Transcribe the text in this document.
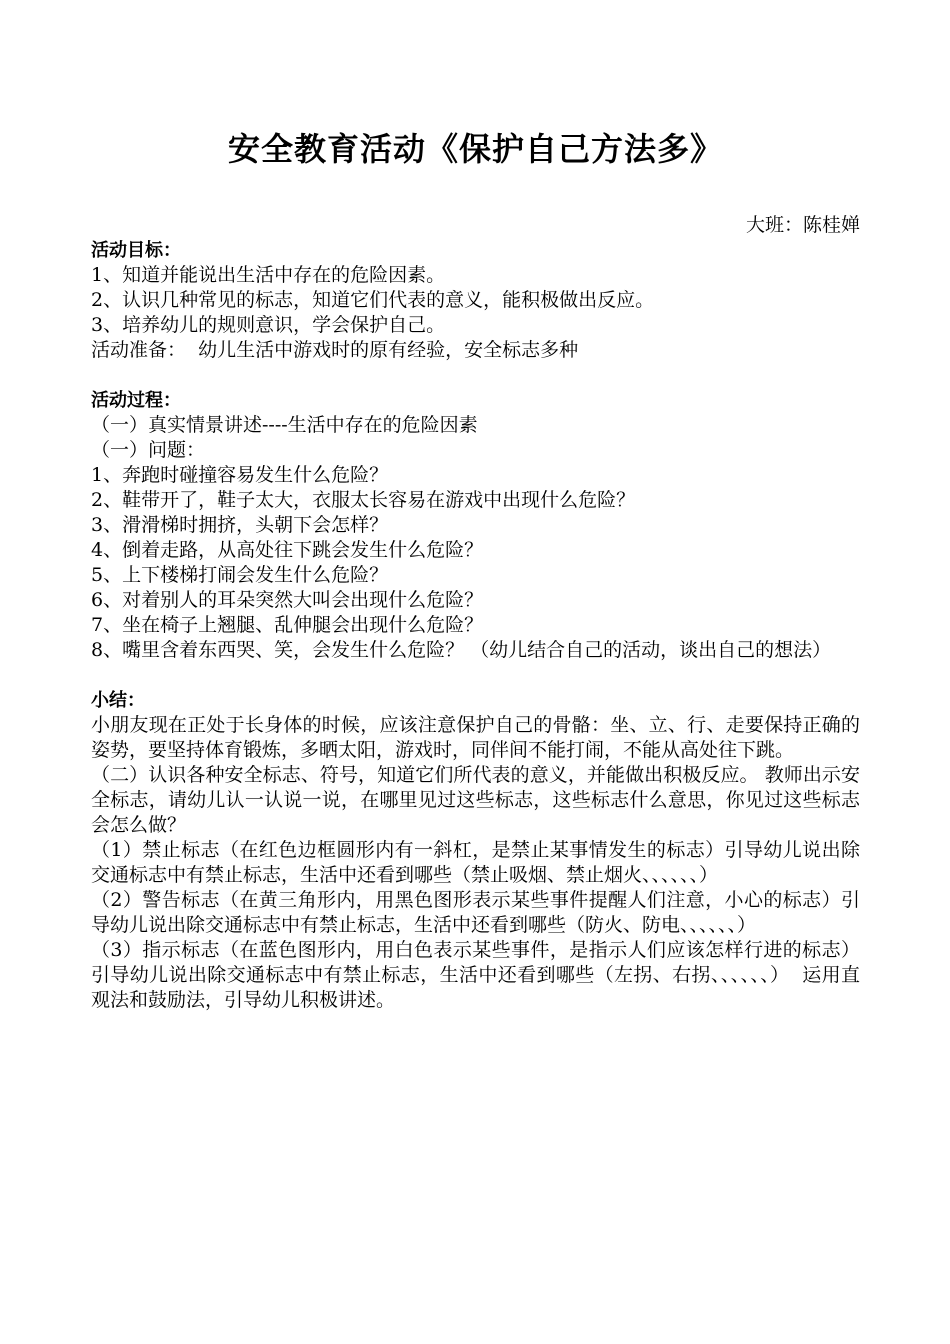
安全教育活动《保护自己方法多》
大班：陈桂婵
活动目标：
1、知道并能说出生活中存在的危险因素。
2、认识几种常见的标志，知道它们代表的意义，能积极做出反应。
3、培养幼儿的规则意识，学会保护自己。
活动准备：  幼儿生活中游戏时的原有经验，安全标志多种
活动过程：
（一）真实情景讲述----生活中存在的危险因素
（一）问题：
1、奔跑时碰撞容易发生什么危险？
2、鞋带开了，鞋子太大，衣服太长容易在游戏中出现什么危险？
3、滑滑梯时拥挤，头朝下会怎样？
4、倒着走路，从高处往下跳会发生什么危险？
5、上下楼梯打闹会发生什么危险？
6、对着别人的耳朵突然大叫会出现什么危险？
7、坐在椅子上翘腿、乱伸腿会出现什么危险？
8、嘴里含着东西哭、笑，会发生什么危险？ （幼儿结合自己的活动，谈出自己的想法）
小结：
小朋友现在正处于长身体的时候，应该注意保护自己的骨骼：坐、立、行、走要保持正确的姿势，要坚持体育锻炼，多晒太阳，游戏时，同伴间不能打闹，不能从高处往下跳。
（二）认识各种安全标志、符号，知道它们所代表的意义，并能做出积极反应。 教师出示安全标志，请幼儿认一认说一说，在哪里见过这些标志，这些标志什么意思，你见过这些标志会怎么做？
（1）禁止标志（在红色边框圆形内有一斜杠，是禁止某事情发生的标志）引导幼儿说出除交通标志中有禁止标志，生活中还看到哪些（禁止吸烟、禁止烟火、、、、、、）
（2）警告标志（在黄三角形内，用黑色图形表示某些事件提醒人们注意，小心的标志）引导幼儿说出除交通标志中有禁止标志，生活中还看到哪些（防火、防电、、、、、、）
（3）指示标志（在蓝色图形内，用白色表示某些事件，是指示人们应该怎样行进的标志）引导幼儿说出除交通标志中有禁止标志，生活中还看到哪些（左拐、右拐、、、、、、）  运用直观法和鼓励法，引导幼儿积极讲述。
